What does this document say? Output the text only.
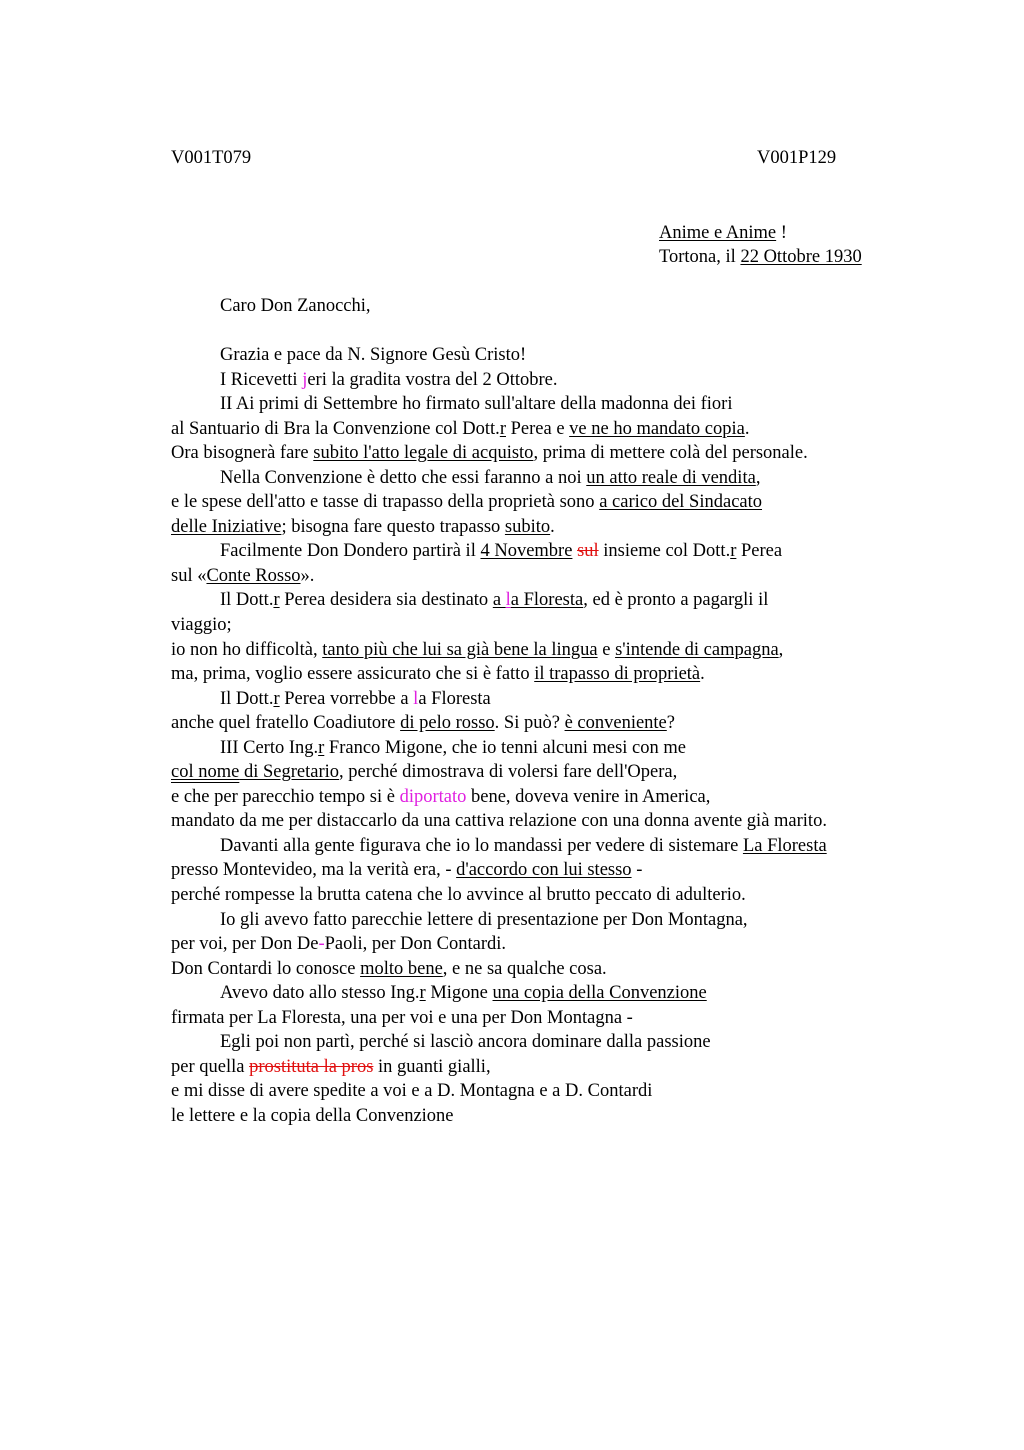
V001T079	V001P129
Anime e Anime !
Tortona, il 22 Ottobre 1930
Caro Don Zanocchi,
Grazia e pace da N. Signore Gesù Cristo!
I Ricevetti jeri la gradita vostra del 2 Ottobre.
II Ai primi di Settembre ho firmato sull'altare della madonna dei fiori
al Santuario di Bra la Convenzione col Dott.r Perea e ve ne ho mandato copia.
Ora bisognerà fare subito l'atto legale di acquisto, prima di mettere colà del personale.
Nella Convenzione è detto che essi faranno a noi un atto reale di vendita,
e le spese dell'atto e tasse di trapasso della proprietà sono a carico del Sindacato
delle Iniziative; bisogna fare questo trapasso subito.
Facilmente Don Dondero partirà il 4 Novembre sul insieme col Dott.r Perea
sul «Conte Rosso».
Il Dott.r Perea desidera sia destinato a la Floresta, ed è pronto a pagargli il
viaggio;
io non ho difficoltà, tanto più che lui sa già bene la lingua e s'intende di campagna,
ma, prima, voglio essere assicurato che si è fatto il trapasso di proprietà.
Il Dott.r Perea vorrebbe a la Floresta
anche quel fratello Coadiutore di pelo rosso. Si può? è conveniente?
III Certo Ing.r Franco Migone, che io tenni alcuni mesi con me
col nome di Segretario, perché dimostrava di volersi fare dell'Opera,
e che per parecchio tempo si è diportato bene, doveva venire in America,
mandato da me per distaccarlo da una cattiva relazione con una donna avente già marito.
Davanti alla gente figurava che io lo mandassi per vedere di sistemare La Floresta
presso Montevideo, ma la verità era, - d'accordo con lui stesso -
perché rompesse la brutta catena che lo avvince al brutto peccato di adulterio.
Io gli avevo fatto parecchie lettere di presentazione per Don Montagna,
per voi, per Don De-Paoli, per Don Contardi.
Don Contardi lo conosce molto bene, e ne sa qualche cosa.
Avevo dato allo stesso Ing.r Migone una copia della Convenzione
firmata per La Floresta, una per voi e una per Don Montagna -
Egli poi non partì, perché si lasciò ancora dominare dalla passione
per quella prostituta la pros in guanti gialli,
e mi disse di avere spedite a voi e a D. Montagna e a D. Contardi
le lettere e la copia della Convenzione
